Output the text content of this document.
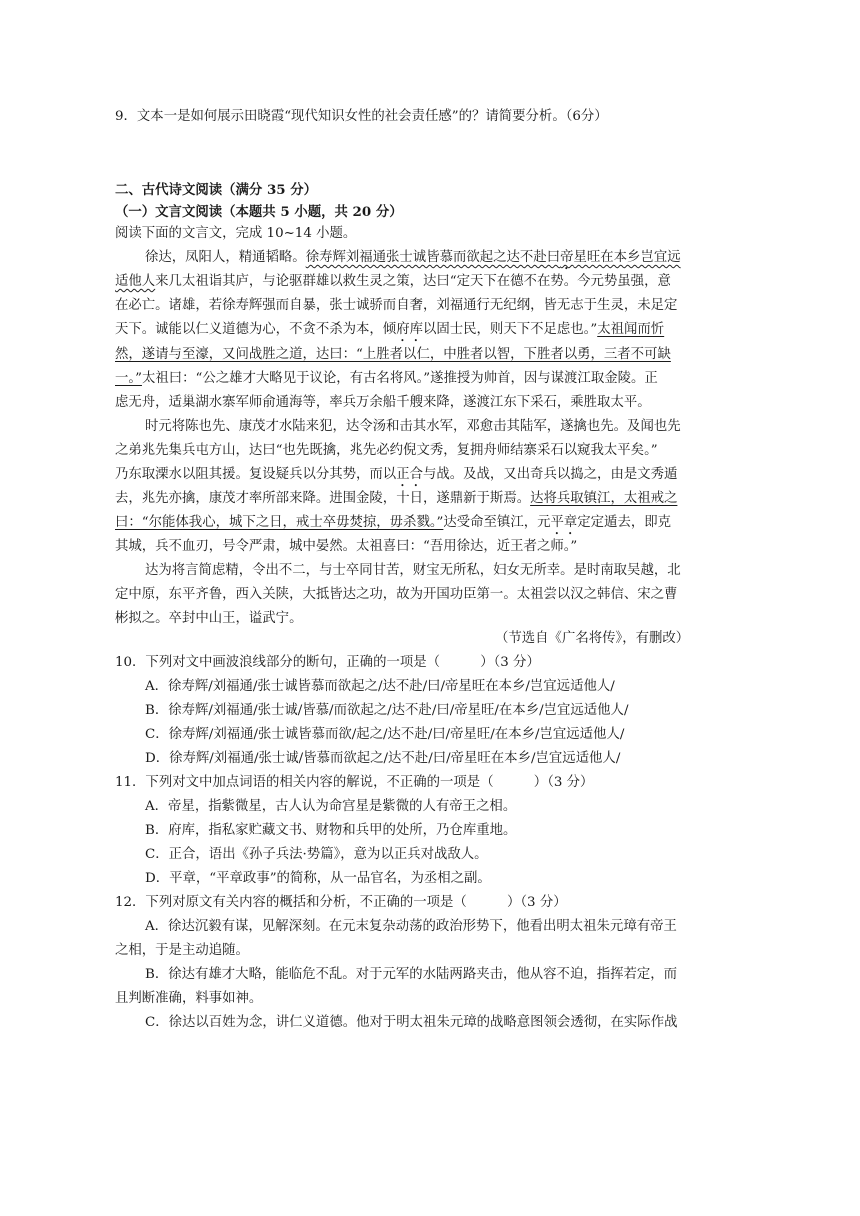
9．文本一是如何展示田晓霞“现代知识女性的社会责任感”的？请简要分析。（6分）
二、古代诗文阅读（满分 35 分）
（一）文言文阅读（本题共 5 小题，共 20 分）
阅读下面的文言文，完成 10~14 小题。
徐达，凤阳人，精通韬略。徐寿辉刘福通张士诚皆慕而欲起之达不赴曰帝星旺在本乡岂宜远
适他人来几太祖诣其庐，与论驱群雄以救生灵之策，达曰“定天下在德不在势。今元势虽强，意
在必亡。诸雄，若徐寿辉强而自暴，张士诚骄而自奢，刘福通行无纪纲，皆无志于生灵，未足定
天下。诚能以仁义道德为心，不贪不杀为本，倾府库以固士民，则天下不足虑也。”太祖闻而忻
然，遂请与至濠，又问战胜之道，达曰：“上胜者以仁，中胜者以智，下胜者以勇，三者不可缺
一。”太祖曰：“公之雄才大略见于议论，有古名将风。”遂推授为帅首，因与谋渡江取金陵。正
虑无舟，适巢湖水寨军师俞通海等，率兵万余船千艘来降，遂渡江东下采石，乘胜取太平。
时元将陈也先、康茂才水陆来犯，达令汤和击其水军，邓愈击其陆军，遂擒也先。及闻也先
之弟兆先集兵屯方山，达曰“也先既擒，兆先必约倪文秀，复拥舟师结寨采石以窥我太平矣。”
乃东取溧水以阻其援。复设疑兵以分其势，而以正合与战。及战，又出奇兵以捣之，由是文秀遁
去，兆先亦擒，康茂才率所部来降。进围金陵，十日，遂鼎新于斯焉。达将兵取镇江，太祖戒之
曰：“尔能体我心，城下之日，戒士卒毋焚掠，毋杀戮。”达受命至镇江，元平章定定遁去，即克
其城，兵不血刃，号令严肃，城中晏然。太祖喜曰：“吾用徐达，近王者之师。”
达为将言简虑精，令出不二，与士卒同甘苦，财宝无所私，妇女无所幸。是时南取吴越，北
定中原，东平齐鲁，西入关陕，大抵皆达之功，故为开国功臣第一。太祖尝以汉之韩信、宋之曹
彬拟之。卒封中山王，谥武宁。
（节选自《广名将传》，有删改）
10．下列对文中画波浪线部分的断句，正确的一项是（　　　）（3 分）
A．徐寿辉/刘福通/张士诚皆慕而欲起之/达不赴/曰/帝星旺在本乡/岂宜远适他人/
B．徐寿辉/刘福通/张士诚/皆慕/而欲起之/达不赴/曰/帝星旺/在本乡/岂宜远适他人/
C．徐寿辉/刘福通/张士诚皆慕而欲/起之/达不赴/曰/帝星旺/在本乡/岂宜远适他人/
D．徐寿辉/刘福通/张士诚/皆慕而欲起之/达不赴/曰/帝星旺在本乡/岂宜远适他人/
11．下列对文中加点词语的相关内容的解说，不正确的一项是（　　　）（3 分）
A．帝星，指紫微星，古人认为命宫星是紫微的人有帝王之相。
B．府库，指私家贮藏文书、财物和兵甲的处所，乃仓库重地。
C．正合，语出《孙子兵法·势篇》，意为以正兵对战敌人。
D．平章，“平章政事”的简称，从一品官名，为丞相之副。
12．下列对原文有关内容的概括和分析，不正确的一项是（　　　）（3 分）
A．徐达沉毅有谋，见解深刻。在元末复杂动荡的政治形势下，他看出明太祖朱元璋有帝王
之相，于是主动追随。
B．徐达有雄才大略，能临危不乱。对于元军的水陆两路夹击，他从容不迫，指挥若定，而
且判断准确，料事如神。
C．徐达以百姓为念，讲仁义道德。他对于明太祖朱元璋的战略意图领会透彻，在实际作战
